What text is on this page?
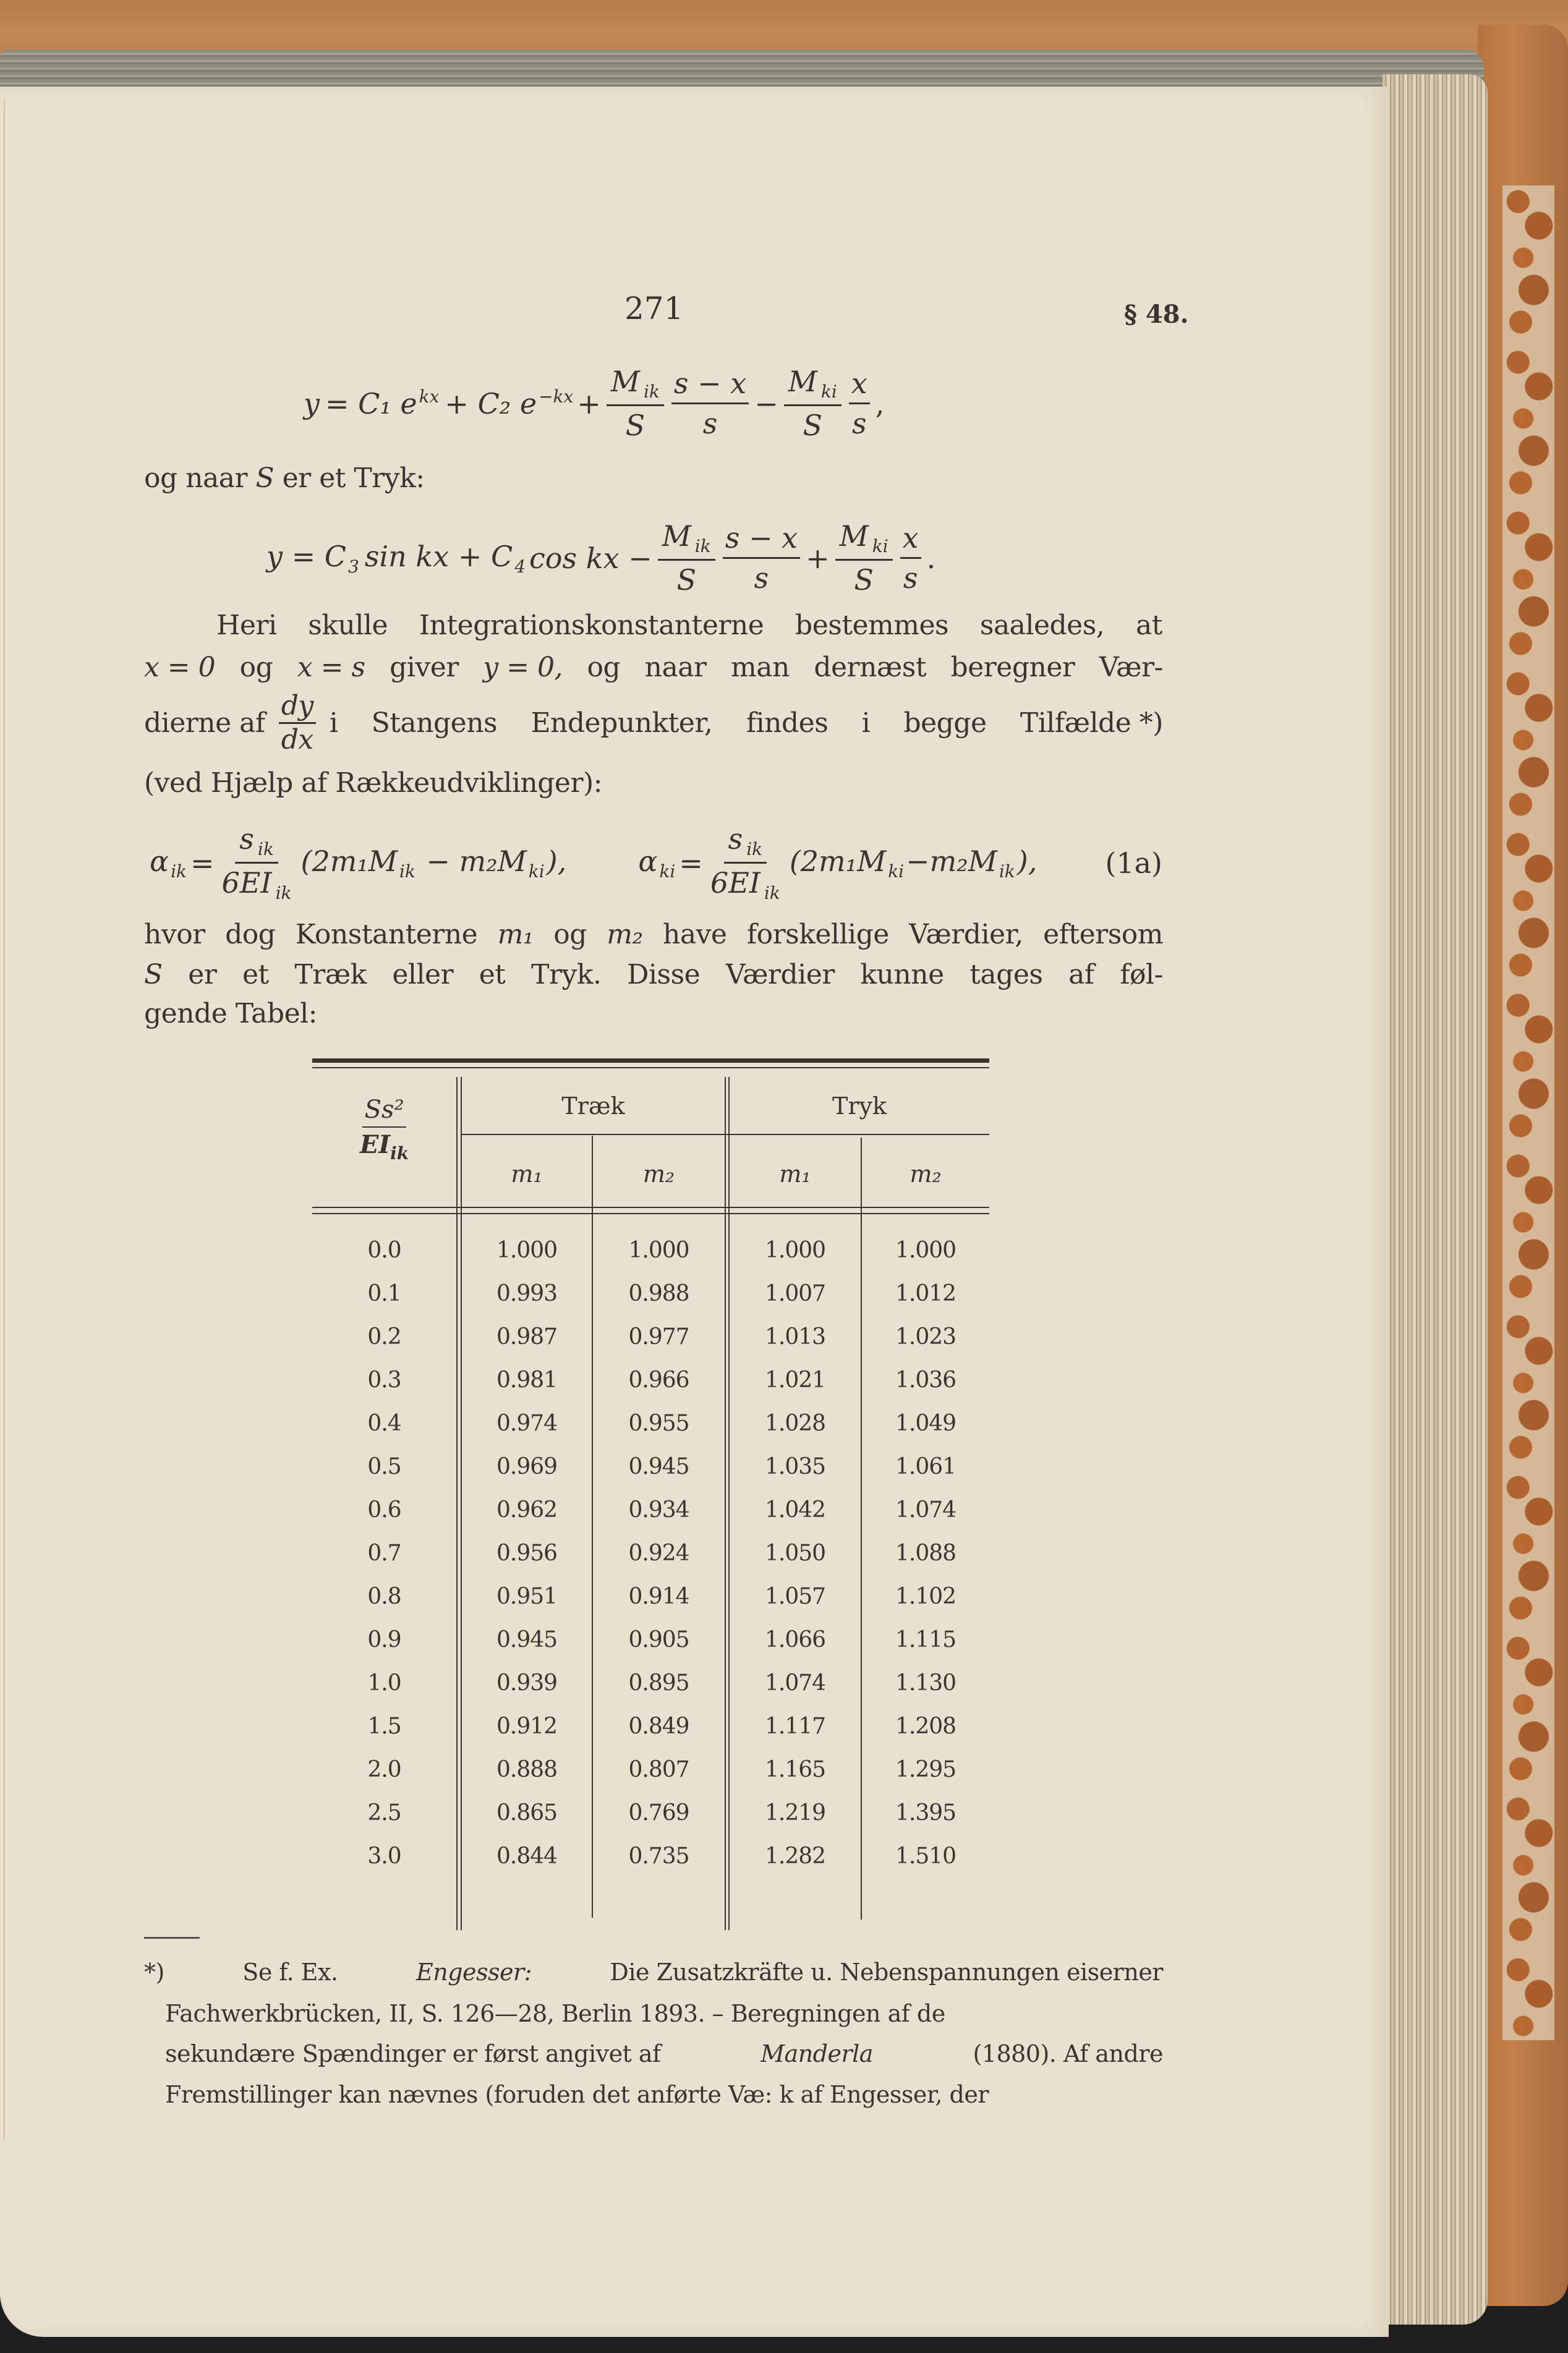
271	§ 48.
y = C₁ e $^{kx}$ + C₂ e $^{-kx} + \frac{M _{ik}}{S} \frac{s - x}{s} - \frac{M _{ki}}{S} \frac{x}{s}$ ,
og naar S er et Tryk:
y = C $_3$ sin kx + C $_4$ cos kx − $\frac{M _{ik}}{S} \frac{s - x}{s} + \frac{M _{ki}}{S} \frac{x}{s}$ .
Heri skulle Integrationskonstanterne bestemmes saaledes, at
x = 0 og x = s giver y = 0, og naar man dernæst beregner Vær-
dierne af $\frac{dy}{dx}$ i Stangens Endepunkter, findes i begge Tilfælde *)
(ved Hjælp af Rækkeudviklinger):
α $_{ik} = \frac{s _{ik}}{6EI _{ik}} (2m_1M$ $_{ik}$ − m₂M $_{ki}$),	α $_{ki} = \frac{s _{ik}}{6EI _{ik}} (2m_1M$ $_{ki}$−m₂M $_{ik}$), (1a)
hvor dog Konstanterne m₁ og m₂ have forskellige Værdier, eftersom
S er et Træk eller et Tryk. Disse Værdier kunne tages af føl-
gende Tabel:
$\frac{\text{Ss²}}{EI_{ik}}$	Træk	Tryk
m₁	m₂	m₁	m₂
0.0	1.000	1.000	1.000	1.000
0.1	0.993	0.988	1.007	1.012
0.2	0.987	0.977	1.013	1.023
0.3	0.981	0.966	1.021	1.036
0.4	0.974	0.955	1.028	1.049
0.5	0.969	0.945	1.035	1.061
0.6	0.962	0.934	1.042	1.074
0.7	0.956	0.924	1.050	1.088
0.8	0.951	0.914	1.057	1.102
0.9	0.945	0.905	1.066	1.115
1.0	0.939	0.895	1.074	1.130
1.5	0.912	0.849	1.117	1.208
2.0	0.888	0.807	1.165	1.295
2.5	0.865	0.769	1.219	1.395
3.0	0.844	0.735	1.282	1.510
*)	Se f. Ex.	Engesser:	Die Zusatzkräfte u. Nebenspannungen eiserner
Fachwerkbrücken, II, S. 126—28, Berlin 1893. – Beregningen af de
sekundære Spændinger er først angivet af	Manderla	(1880). Af andre
Fremstillinger kan nævnes (foruden det anførte Væ: k af Engesser, der
